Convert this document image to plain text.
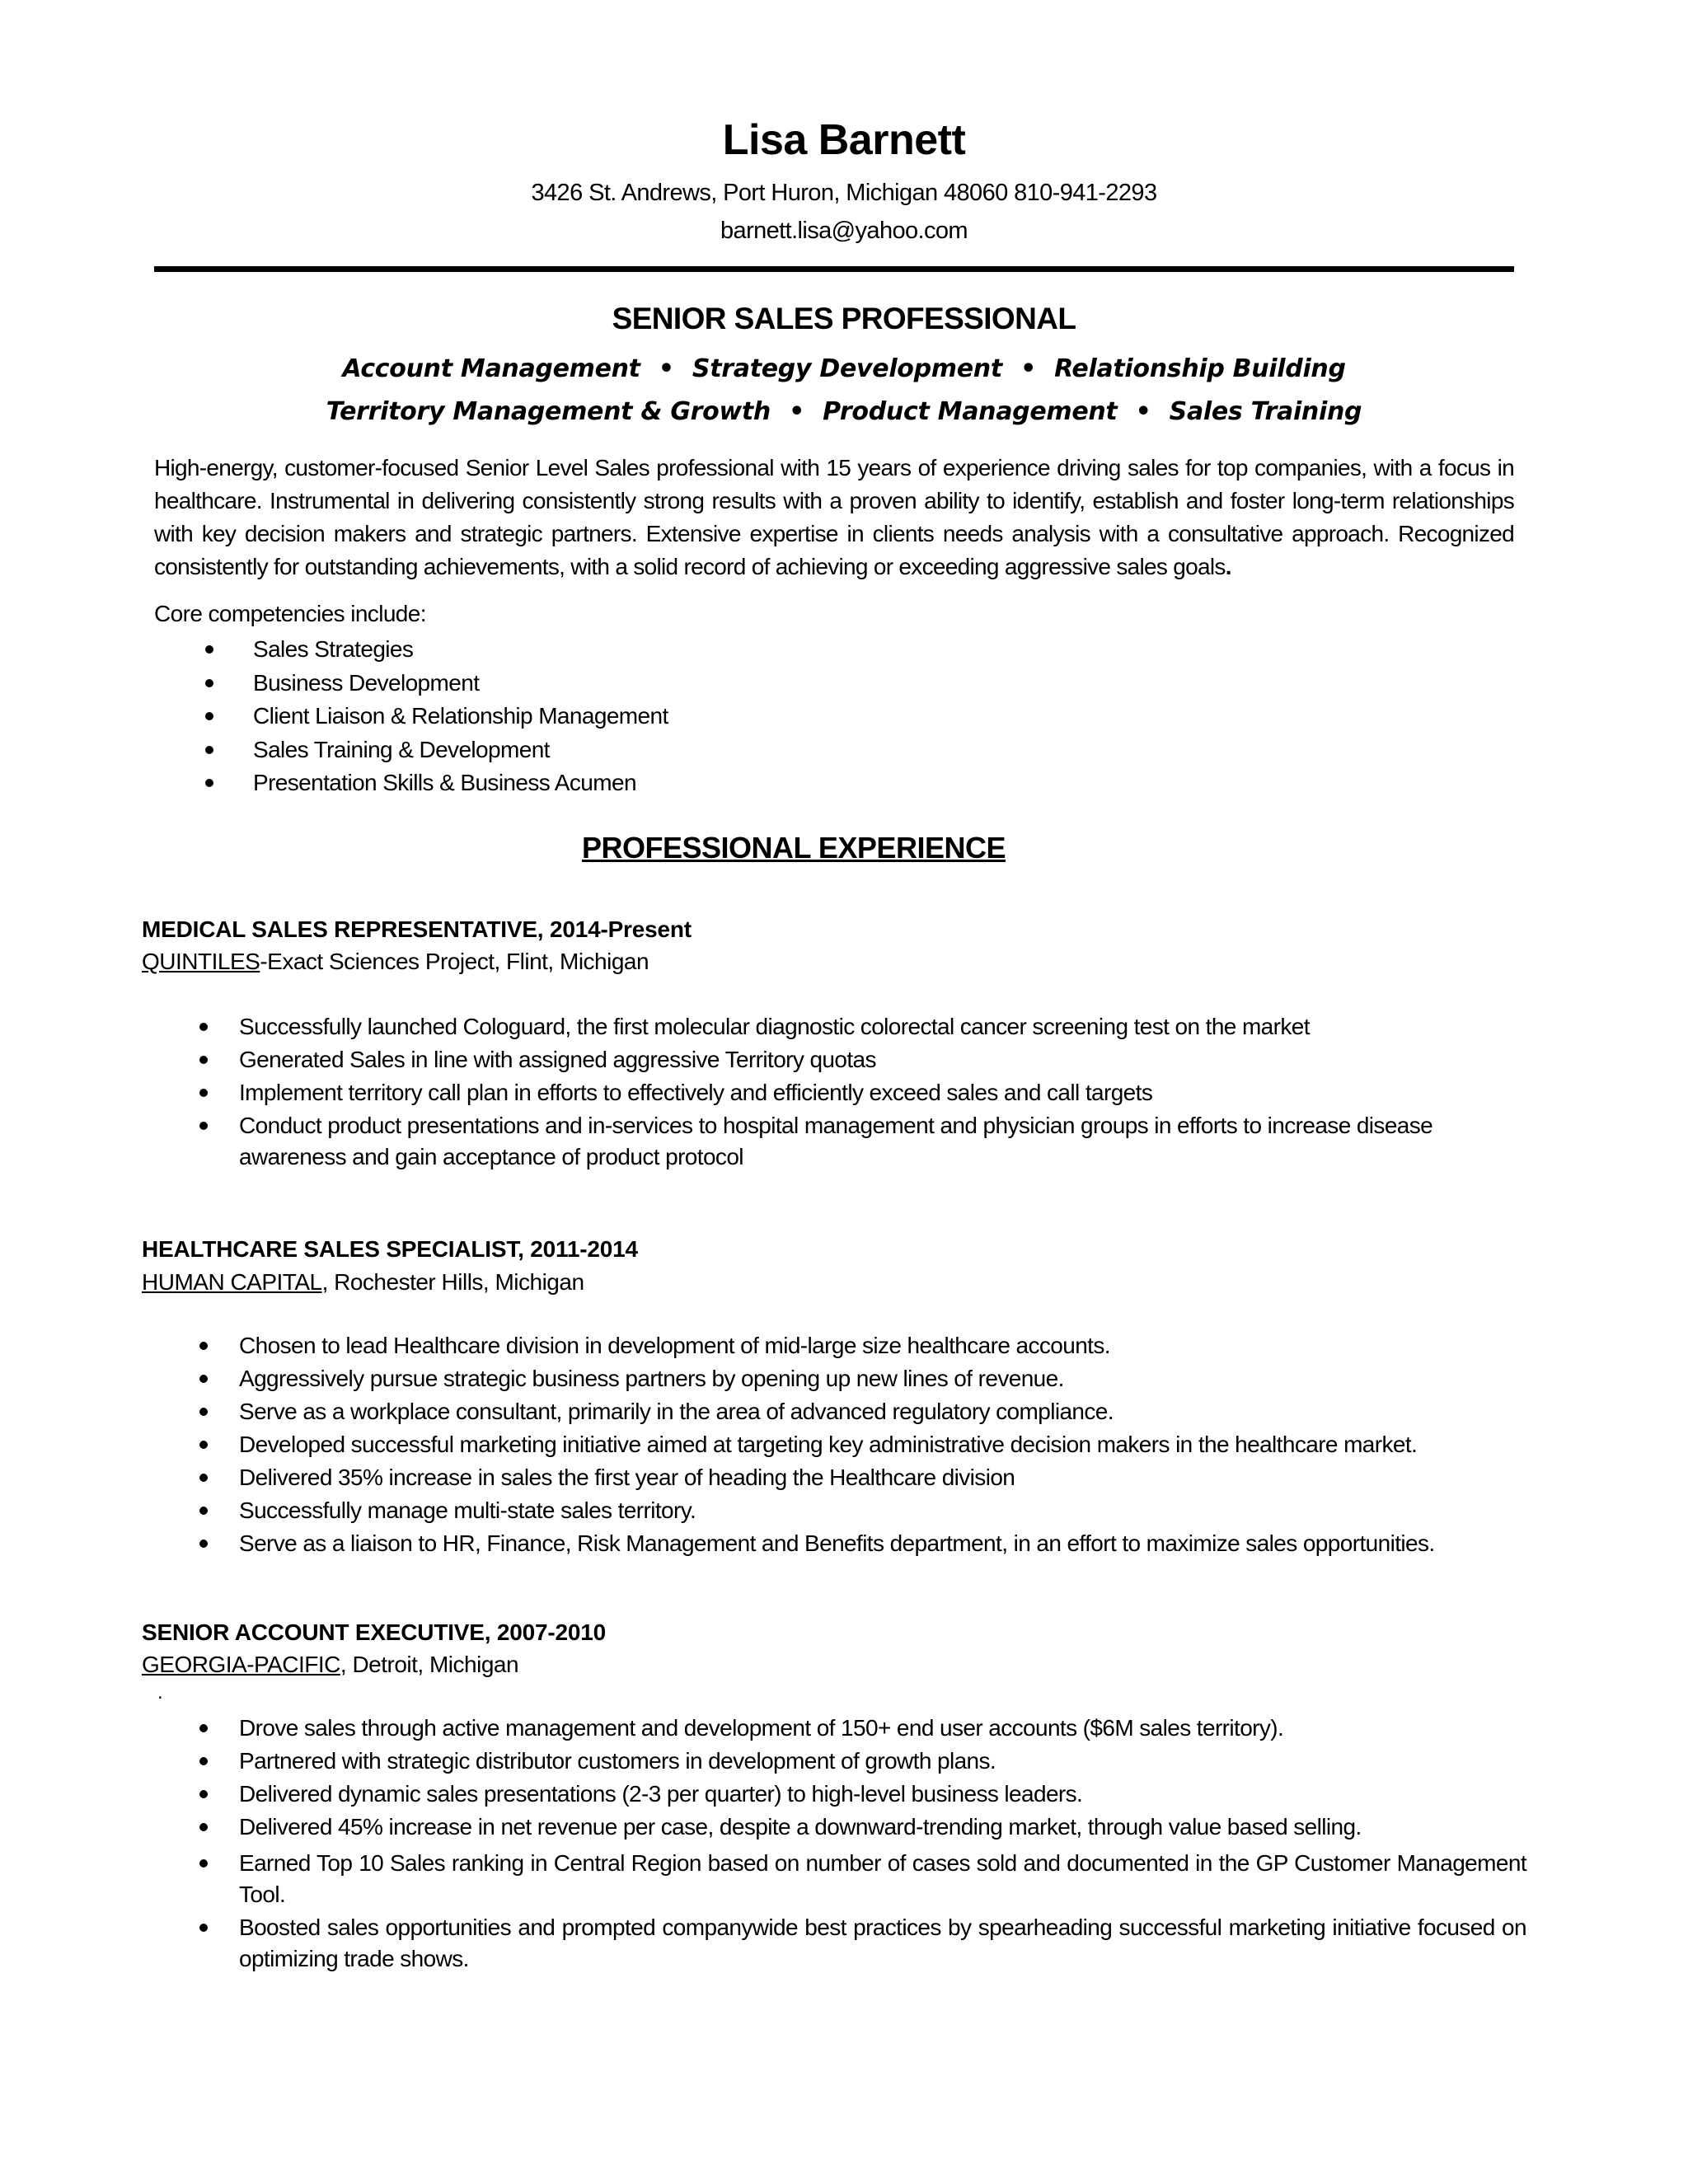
Lisa Barnett
3426 St. Andrews, Port Huron, Michigan 48060 810-941-2293
barnett.lisa@yahoo.com
SENIOR SALES PROFESSIONAL
Account Management • Strategy Development • Relationship Building
Territory Management & Growth • Product Management • Sales Training
High-energy, customer-focused Senior Level Sales professional with 15 years of experience driving sales for top companies, with a focus in healthcare. Instrumental in delivering consistently strong results with a proven ability to identify, establish and foster long-term relationships with key decision makers and strategic partners. Extensive expertise in clients needs analysis with a consultative approach. Recognized consistently for outstanding achievements, with a solid record of achieving or exceeding aggressive sales goals.
Core competencies include:
Sales Strategies
Business Development
Client Liaison & Relationship Management
Sales Training & Development
Presentation Skills & Business Acumen
PROFESSIONAL EXPERIENCE
MEDICAL SALES REPRESENTATIVE, 2014-Present
QUINTILES-Exact Sciences Project, Flint, Michigan
Successfully launched Cologuard, the first molecular diagnostic colorectal cancer screening test on the market
Generated Sales in line with assigned aggressive Territory quotas
Implement territory call plan in efforts to effectively and efficiently exceed sales and call targets
Conduct product presentations and in-services to hospital management and physician groups in efforts to increase disease awareness and gain acceptance of product protocol
HEALTHCARE SALES SPECIALIST, 2011-2014
HUMAN CAPITAL, Rochester Hills, Michigan
Chosen to lead Healthcare division in development of mid-large size healthcare accounts.
Aggressively pursue strategic business partners by opening up new lines of revenue.
Serve as a workplace consultant, primarily in the area of advanced regulatory compliance.
Developed successful marketing initiative aimed at targeting key administrative decision makers in the healthcare market.
Delivered 35% increase in sales the first year of heading the Healthcare division
Successfully manage multi-state sales territory.
Serve as a liaison to HR, Finance, Risk Management and Benefits department, in an effort to maximize sales opportunities.
SENIOR ACCOUNT EXECUTIVE, 2007-2010
GEORGIA-PACIFIC, Detroit, Michigan
.
Drove sales through active management and development of 150+ end user accounts ($6M sales territory).
Partnered with strategic distributor customers in development of growth plans.
Delivered dynamic sales presentations (2-3 per quarter) to high-level business leaders.
Delivered 45% increase in net revenue per case, despite a downward-trending market, through value based selling.
Earned Top 10 Sales ranking in Central Region based on number of cases sold and documented in the GP Customer Management Tool.
Boosted sales opportunities and prompted companywide best practices by spearheading successful marketing initiative focused on optimizing trade shows.
